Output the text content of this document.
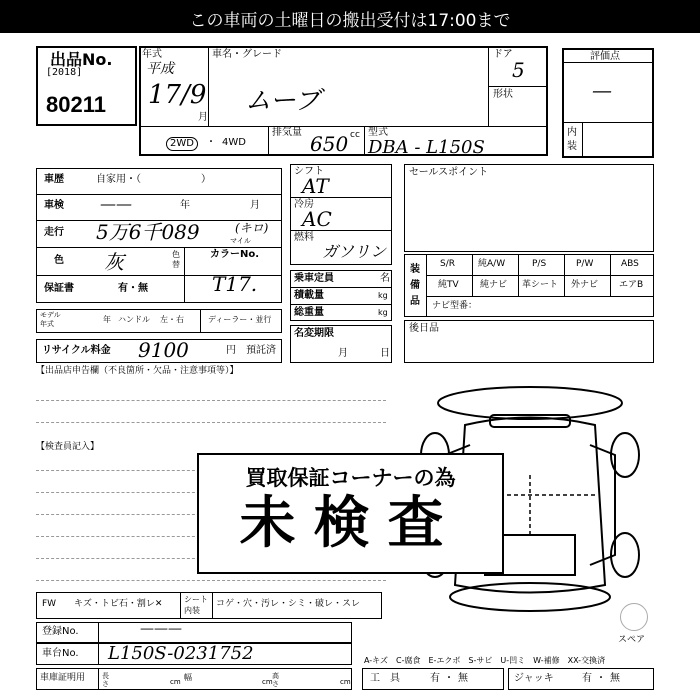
この車両の土曜日の搬出受付は17:00まで
出品No.
[2018]
80211
年式
平成
17/9
月
車名・グレード
ムーブ
ドア
5
形状
2WD	・ 4WD
排気量 650 cc 型式
DBA - L150S
評価点
—
内装
車歴	自家用・（　　　　　　）
車検 ——	年	月
走行 5万6千089	マイル
(キロ)
色 灰	色替
カラーNo.
T17.
保証書	有・無
モデル年式	年 ハンドル 左・右	ディーラー・並行
リサイクル料金 9100	円 預託済
シフト
AT
冷房
AC
燃料
ガソリン
乗車定員	名
積載量	kg
総重量	kg
名変期限
月	日
セールスポイント
装備品
S/R	純A/W	P/S	P/W	ABS
純TV 純ナビ 革シート 外ナビ エアB
ナビ型番：
後日品
【出品店申告欄（不良箇所・欠品・注意事項等）】
【検査員記入】
スペア
買取保証コーナーの為
未検査
FW キズ・トビ石・割レ✕	シート内装
コゲ・穴・汚レ・シミ・破レ・スレ
登録No.	———
車台No. L150S-0231752
車庫証明用 長さ	cm 幅	cm
高さ	cm
A-キズ　C-腐食　E-エクボ　S-サビ　U-凹ミ　W-補修　XX-交換済
工具 有・無	ジャッキ	有・無
